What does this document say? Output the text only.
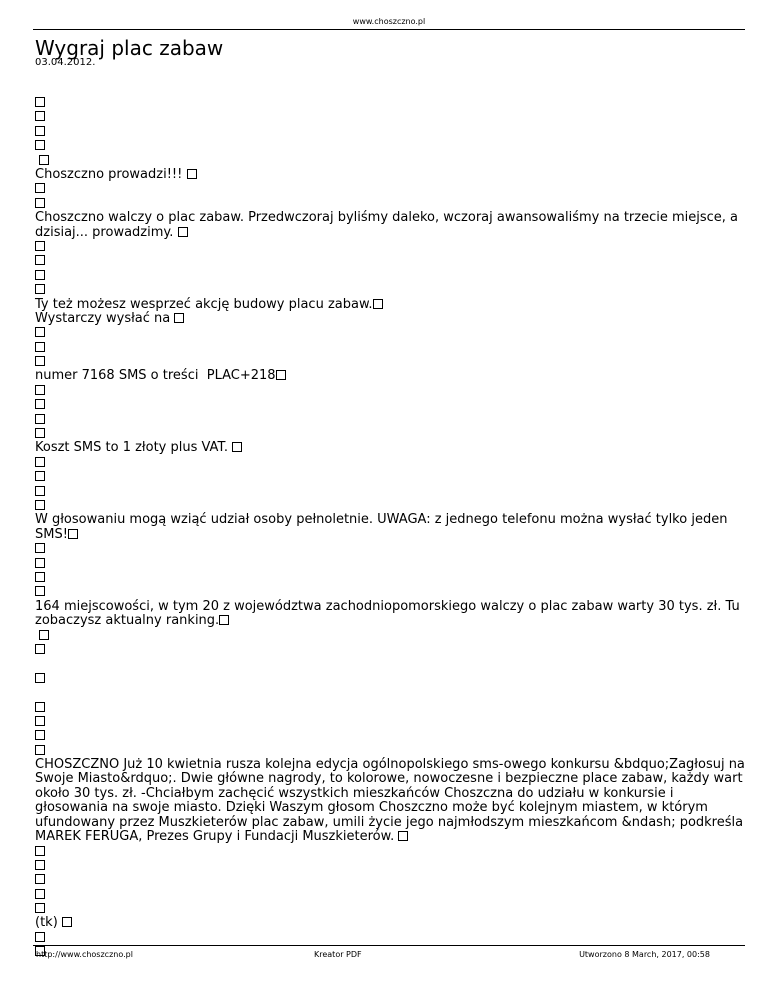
www.choszczno.pl
Wygraj plac zabaw
03.04.2012.
Choszczno prowadzi!!!
Choszczno walczy o plac zabaw. Przedwczoraj byliśmy daleko, wczoraj awansowaliśmy na trzecie miejsce, a dzisiaj... prowadzimy.
Ty też możesz wesprzeć akcję budowy placu zabaw.
Wystarczy wysłać na
numer 7168 SMS o treści  PLAC+218
Koszt SMS to 1 złoty plus VAT.
W głosowaniu mogą wziąć udział osoby pełnoletnie. UWAGA: z jednego telefonu można wysłać tylko jeden SMS!
164 miejscowości, w tym 20 z województwa zachodniopomorskiego walczy o plac zabaw warty 30 tys. zł. Tu zobaczysz aktualny ranking.
CHOSZCZNO Już 10 kwietnia rusza kolejna edycja ogólnopolskiego sms-owego konkursu &bdquo;Zagłosuj na Swoje Miasto&rdquo;. Dwie główne nagrody, to kolorowe, nowoczesne i bezpieczne place zabaw, każdy wart około 30 tys. zł. -Chciałbym zachęcić wszystkich mieszkańców Choszczna do udziału w konkursie i głosowania na swoje miasto. Dzięki Waszym głosom Choszczno może być kolejnym miastem, w którym ufundowany przez Muszkieterów plac zabaw, umili życie jego najmłodszym mieszkańcom &ndash; podkreśla MAREK FERUGA, Prezes Grupy i Fundacji Muszkieterów.
(tk)
http://www.choszczno.pl	Kreator PDF	Utworzono 8 March, 2017, 00:58
